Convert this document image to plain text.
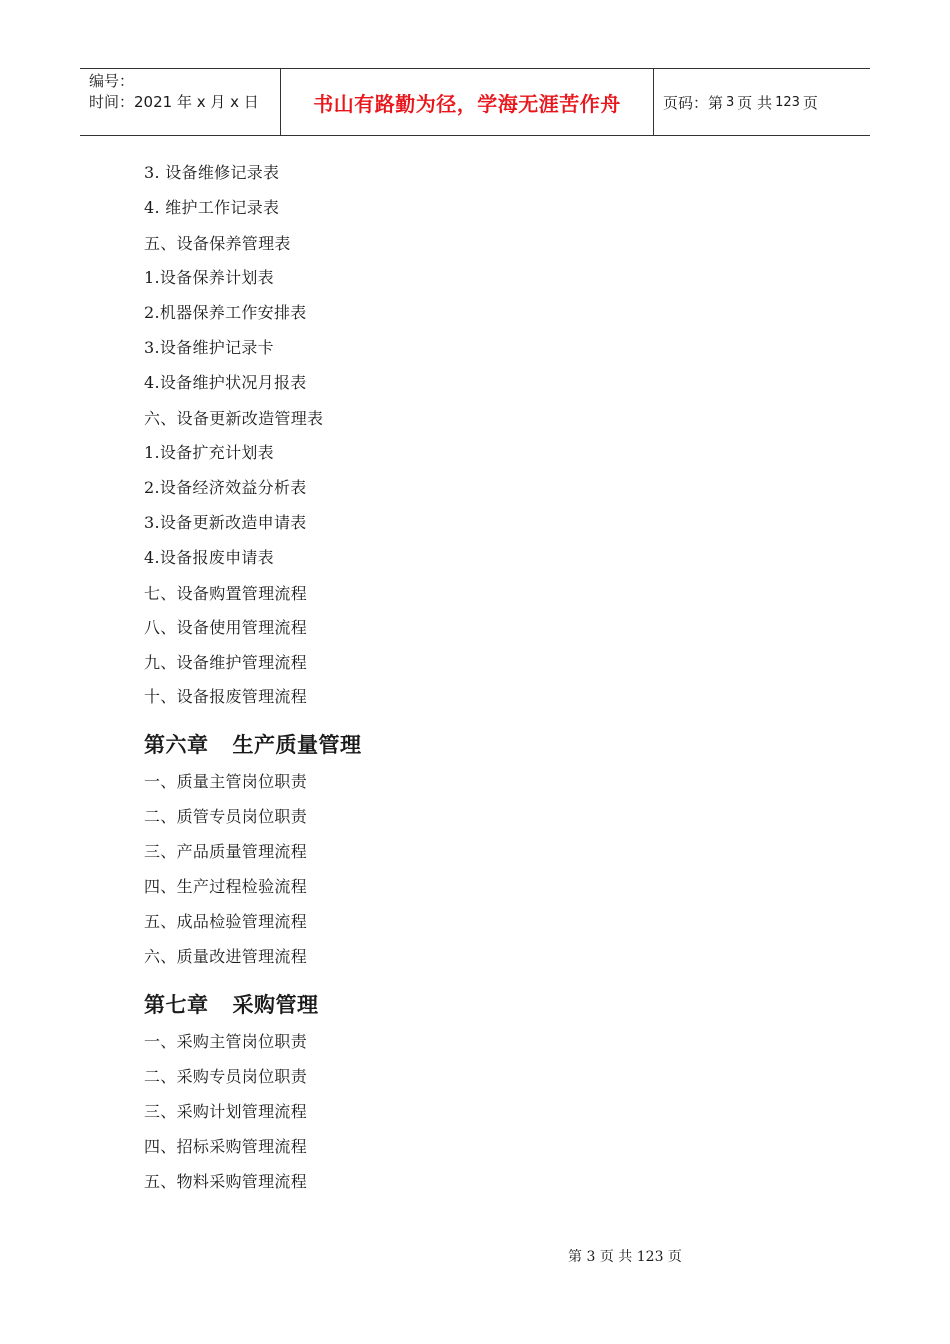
编号：
时间：2021 年 x 月 x 日	书山有路勤为径，学海无涯苦作舟	页码：第 3 页 共 123 页
3. 设备维修记录表
4. 维护工作记录表
五、设备保养管理表
1.设备保养计划表
2.机器保养工作安排表
3.设备维护记录卡
4.设备维护状况月报表
六、设备更新改造管理表
1.设备扩充计划表
2.设备经济效益分析表
3.设备更新改造申请表
4.设备报废申请表
七、设备购置管理流程
八、设备使用管理流程
九、设备维护管理流程
十、设备报废管理流程
第六章 生产质量管理
一、质量主管岗位职责
二、质管专员岗位职责
三、产品质量管理流程
四、生产过程检验流程
五、成品检验管理流程
六、质量改进管理流程
第七章 采购管理
一、采购主管岗位职责
二、采购专员岗位职责
三、采购计划管理流程
四、招标采购管理流程
五、物料采购管理流程
第 3 页 共 123 页
